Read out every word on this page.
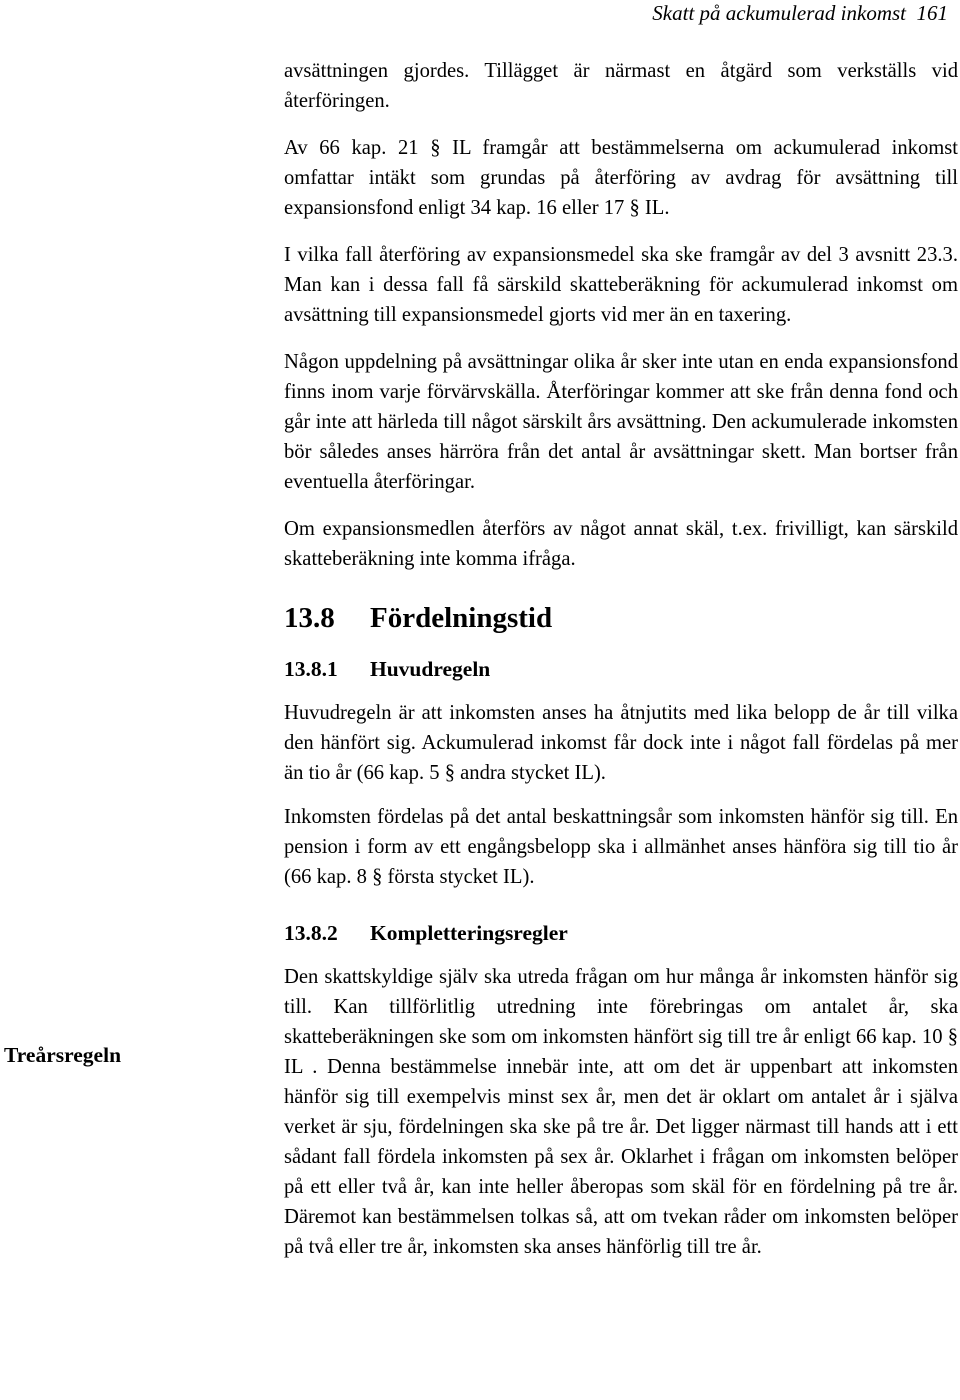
Skatt på ackumulerad inkomst 161
Treårsregeln

avsättningen gjordes. Tillägget är närmast en åtgärd som verkställs vid återföringen.

Av 66 kap. 21 § IL framgår att bestämmelserna om ackumulerad inkomst omfattar intäkt som grundas på återföring av avdrag för avsättning till expansionsfond enligt 34 kap. 16 eller 17 § IL.

I vilka fall återföring av expansionsmedel ska ske framgår av del 3 avsnitt 23.3. Man kan i dessa fall få särskild skatteberäkning för ackumulerad inkomst om avsättning till expansionsmedel gjorts vid mer än en taxering.

Någon uppdelning på avsättningar olika år sker inte utan en enda expansionsfond finns inom varje förvärvskälla. Återföringar kommer att ske från denna fond och går inte att härleda till något särskilt års avsättning. Den ackumulerade inkomsten bör således anses härröra från det antal år avsättningar skett. Man bortser från eventuella återföringar.

Om expansionsmedlen återförs av något annat skäl, t.ex. frivilligt, kan särskild skatteberäkning inte komma ifråga.

13.8 Fördelningstid
13.8.1 Huvudregeln

Huvudregeln är att inkomsten anses ha åtnjutits med lika belopp de år till vilka den hänfört sig. Ackumulerad inkomst får dock inte i något fall fördelas på mer än tio år (66 kap. 5 § andra stycket IL).

Inkomsten fördelas på det antal beskattningsår som inkomsten hänför sig till. En pension i form av ett engångsbelopp ska i allmänhet anses hänföra sig till tio år (66 kap. 8 § första stycket IL).

13.8.2 Kompletteringsregler

Den skattskyldige själv ska utreda frågan om hur många år inkomsten hänför sig till. Kan tillförlitlig utredning inte förebringas om antalet år, ska skatteberäkningen ske som om inkomsten hänfört sig till tre år enligt 66 kap. 10 § IL . Denna bestämmelse innebär inte, att om det är uppenbart att inkomsten hänför sig till exempelvis minst sex år, men det är oklart om antalet år i själva verket är sju, fördelningen ska ske på tre år. Det ligger närmast till hands att i ett sådant fall fördela inkomsten på sex år. Oklarhet i frågan om inkomsten belöper på ett eller två år, kan inte heller åberopas som skäl för en fördelning på tre år. Däremot kan bestämmelsen tolkas så, att om tvekan råder om inkomsten belöper på två eller tre år, inkomsten ska anses hänförlig till tre år.
